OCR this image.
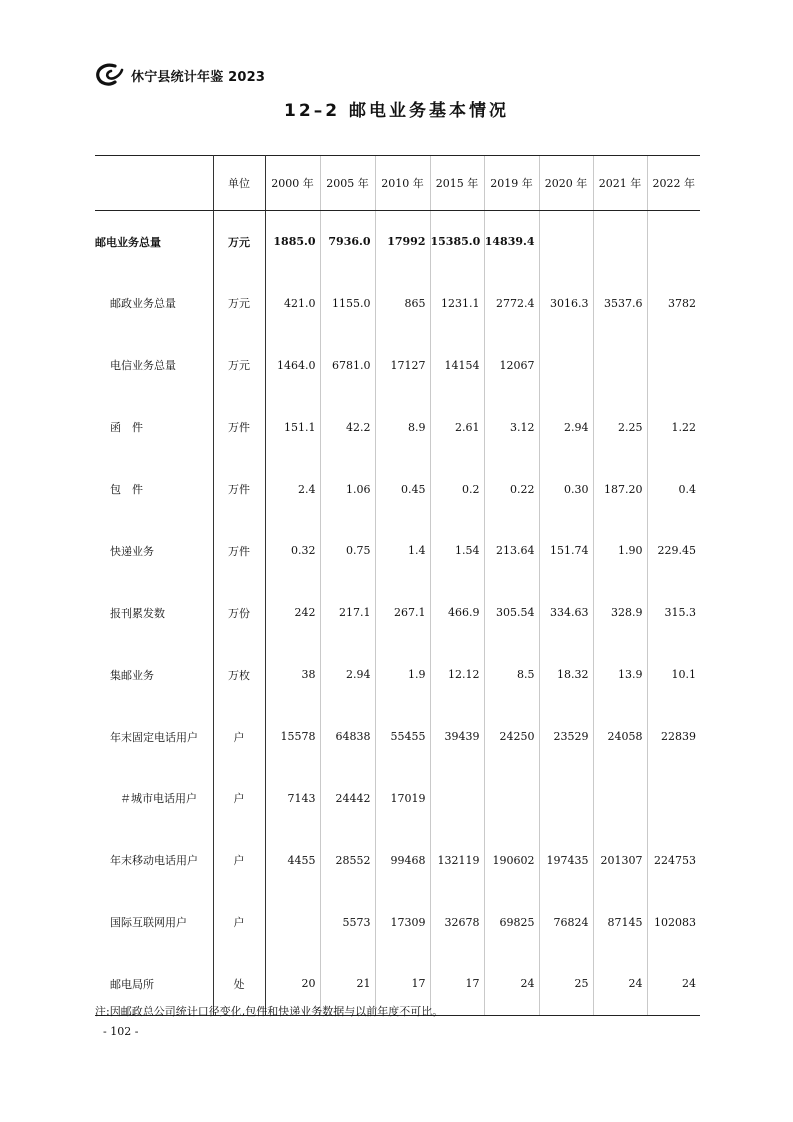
休宁县统计年鉴 2023
12–2 邮电业务基本情况
	单位	2000 年	2005 年	2010 年	2015 年	2019 年	2020 年	2021 年	2022 年
邮电业务总量	万元	1885.0	7936.0	17992	15385.0	14839.4			
邮政业务总量	万元	421.0	1155.0	865	1231.1	2772.4	3016.3	3537.6	3782
电信业务总量	万元	1464.0	6781.0	17127	14154	12067			
函　件	万件	151.1	42.2	8.9	2.61	3.12	2.94	2.25	1.22
包　件	万件	2.4	1.06	0.45	0.2	0.22	0.30	187.20	0.4
快递业务	万件	0.32	0.75	1.4	1.54	213.64	151.74	1.90	229.45
报刊累发数	万份	242	217.1	267.1	466.9	305.54	334.63	328.9	315.3
集邮业务	万枚	38	2.94	1.9	12.12	8.5	18.32	13.9	10.1
年末固定电话用户	户	15578	64838	55455	39439	24250	23529	24058	22839
＃城市电话用户	户	7143	24442	17019					
年末移动电话用户	户	4455	28552	99468	132119	190602	197435	201307	224753
国际互联网用户	户		5573	17309	32678	69825	76824	87145	102083
邮电局所	处	20	21	17	17	24	25	24	24
注:因邮政总公司统计口径变化,包件和快递业务数据与以前年度不可比。
- 102 -
